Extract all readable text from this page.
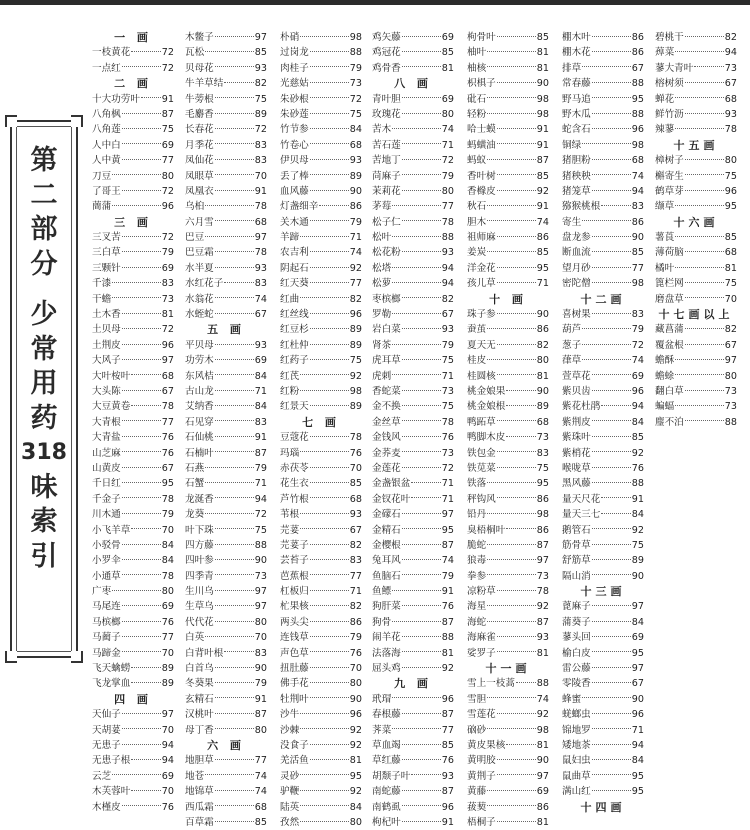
第
二
部
分
少
常
用
药
318
味
索
引
一 画
一枝黄花	72
一点红	72
二 画
十大功劳叶 91
八角枫	87
八角莲	75
人中白	69
人中黄	77
刀豆	80
了哥王	72
蕳蒲	96
三 画
三叉苦	72
三白草	79
三颗针	69
千漆	83
干蟾	73
土木香	81
土贝母	72
土荆皮	96
大风子	97
大叶桉叶	68
大头陈	67
大豆黄卷	78
大青根	77
大青盐	76
山芝麻	76
山黄皮	67
千日红	95
千金子	78
川木通	79
小飞羊草	70
小驳骨	84
小罗伞	84
小通草	78
广枣	80
马尾连	69
马槟榔	76
马蔺子	77
马蹄金	70
飞天蠄蟧	89
飞龙掌血	89
四 画
天仙子	97
天胡荽	70
无患子	94
无患子根	94
云芝	69
木芙蓉叶	70
木槿皮	76
木鳖子	97
瓦松	85
贝母花	93
牛羊草结	82
牛蒡根	75
毛麝香	89
长春花	72
月季花	83
凤仙花	83
凤眼草	70
凤凰衣	91
乌桕	78
六月雪	68
巴豆	97
巴豆霜	78
水半夏	93
水红花子	83
水翁花	74
水蛭蛇	67
五 画
平贝母	93
功劳木	69
东风桔	84
古山龙	71
艾纳香	84
石见穿	83
石仙桃	91
石楠叶	87
石燕	79
石蟹	71
龙涎香	94
龙葵	72
叶下珠	75
四方藤	88
四叶参	90
四季青	73
生川乌	97
生草乌	97
代代花	80
白英	70
白背叶根	83
白首乌	90
冬葵果	79
玄精石	91
汉桃叶	87
母丁香	80
六 画
地胆草	77
地苍	74
地锦草	74
西瓜霜	68
百草霜	85
朴硝	98
过岗龙	88
肉桂子	79
光慈姑	73
朱砂根	72
朱砂莲	75
竹节参	84
竹卷心	68
伊贝母	93
丢了棒	89
血风藤	90
灯盏细辛	86
关木通	79
羊蹄	71
农吉利	74
阴起石	92
红天葵	77
红曲	82
红丝线	96
红豆杉	89
红杜仲	89
红药子	75
红芪	92
红粉	98
红景天	89
七 画
豆蔻花	78
玛瑙	76
赤茯苓	70
花生衣	85
芦竹根	68
苇根	93
芫荽	67
芫荽子	82
芸苔子	83
芭蕉根	77
杠板归	71
杧果核	82
两头尖	86
连钱草	79
声色草	76
扭肚藤	70
佛手花	80
牡荆叶	90
沙牛	96
沙棘	92
没食子	92
羌活鱼	81
灵砂	95
驴鞭	92
陆英	84
孜然	80
鸡矢藤	69
鸡冠花	85
鸡骨香	81
八 画
青叶胆	69
玫瑰花	80
苦木	74
苦石莲	71
苦地丁	72
苘麻子	79
茉莉花	80
茅莓	77
松子仁	78
松叶	88
松花粉	93
松塔	94
松萝	94
枣槟榔	82
罗勒	67
岩白菜	93
肾茶	79
虎耳草	75
虎刺	71
香蛇菜	73
金不换	75
金丝草	78
金钱风	76
金荞麦	73
金莲花	72
金盏银盆	71
金钗花叶	71
金礞石	97
金精石	95
金樱根	87
兔耳风	74
鱼脑石	79
鱼鳔	91
狗肝菜	76
狗骨	87
闹羊花	88
法落海	81
屈头鸡	92
九 画
玳瑁	96
春根藤	87
荠菜	77
草血竭	85
草红藤	76
胡颓子叶	93
南蛇藤	87
南鹤虱	96
枸杞叶	91
枸骨叶	85
柚叶	81
柚核	81
枳椇子	90
砒石	98
轻粉	98
哈士蟆	91
蚂蟥油	91
蚂蚁	87
香叶树	85
香橼皮	92
秋石	91
胆木	74
祖师麻	86
姜炭	85
洋金花	95
孩儿草	71
十 画
珠子参	90
蚕茧	86
夏天无	82
桂皮	80
桂圆核	81
桃金娘果	90
桃金娘根	89
鸭跖草	68
鸭脚木皮	73
铁包金	83
铁苋菜	75
铁落	95
秤钩风	86
铅丹	98
臭梧桐叶	86
脆蛇	87
狼毒	97
拳参	73
凉粉草	78
海星	92
海蛇	87
海麻雀	93
娑罗子	81
十一画
雪上一枝蒿 88
雪胆	74
雪莲花	92
硇砂	98
黄皮果核	81
黄明胶	90
黄荆子	97
黄藤	69
菝葜	86
梧桐子	81
棚木叶	86
棚木花	86
排草	67
常春藤	88
野马追	95
野木瓜	88
蛇含石	96
铜绿	98
猪胆粉	68
猪秧秧	74
猪笼草	94
猕猴桃根	83
寄生	86
盘龙参	90
断血流	85
望月砂	77
密陀僧	98
十二画
喜树果	83
葫芦	79
葱子	72
葎草	74
萱草花	69
紫贝齿	96
紫花杜鹃	94
紫荆皮	84
紫珠叶	85
紫梢花	92
喉咙草	76
黑风藤	88
量天尺花	91
量天三七	84
鹅管石	92
筋骨草	75
舒筋草	89
隔山消	90
十三画
蓖麻子	97
蒲葵子	84
蓼头回	69
榆白皮	95
雷公藤	97
零陵香	67
蜂蜜	90
蜣螂虫	96
锦地罗	71
矮地茶	94
鼠妇虫	84
鼠曲草	95
满山红	95
十四画
碧桃干	82
蔊菜	94
蓼大青叶	73
榕树须	67
蝉花	68
鲜竹沥	93
辣蓼	78
十五画
樟树子	80
槲寄生	75
鹤草芽	96
缬草	95
十六画
薯莨	85
薄荷脑	68
橘叶	81
篦栏网	75
磨盘草	70
十七画以上
藏菖蒲	82
覆盆根	67
蟾酥	97
蟾蜍	80
翻白草	73
蝙蝠	73
麈不泊	88
